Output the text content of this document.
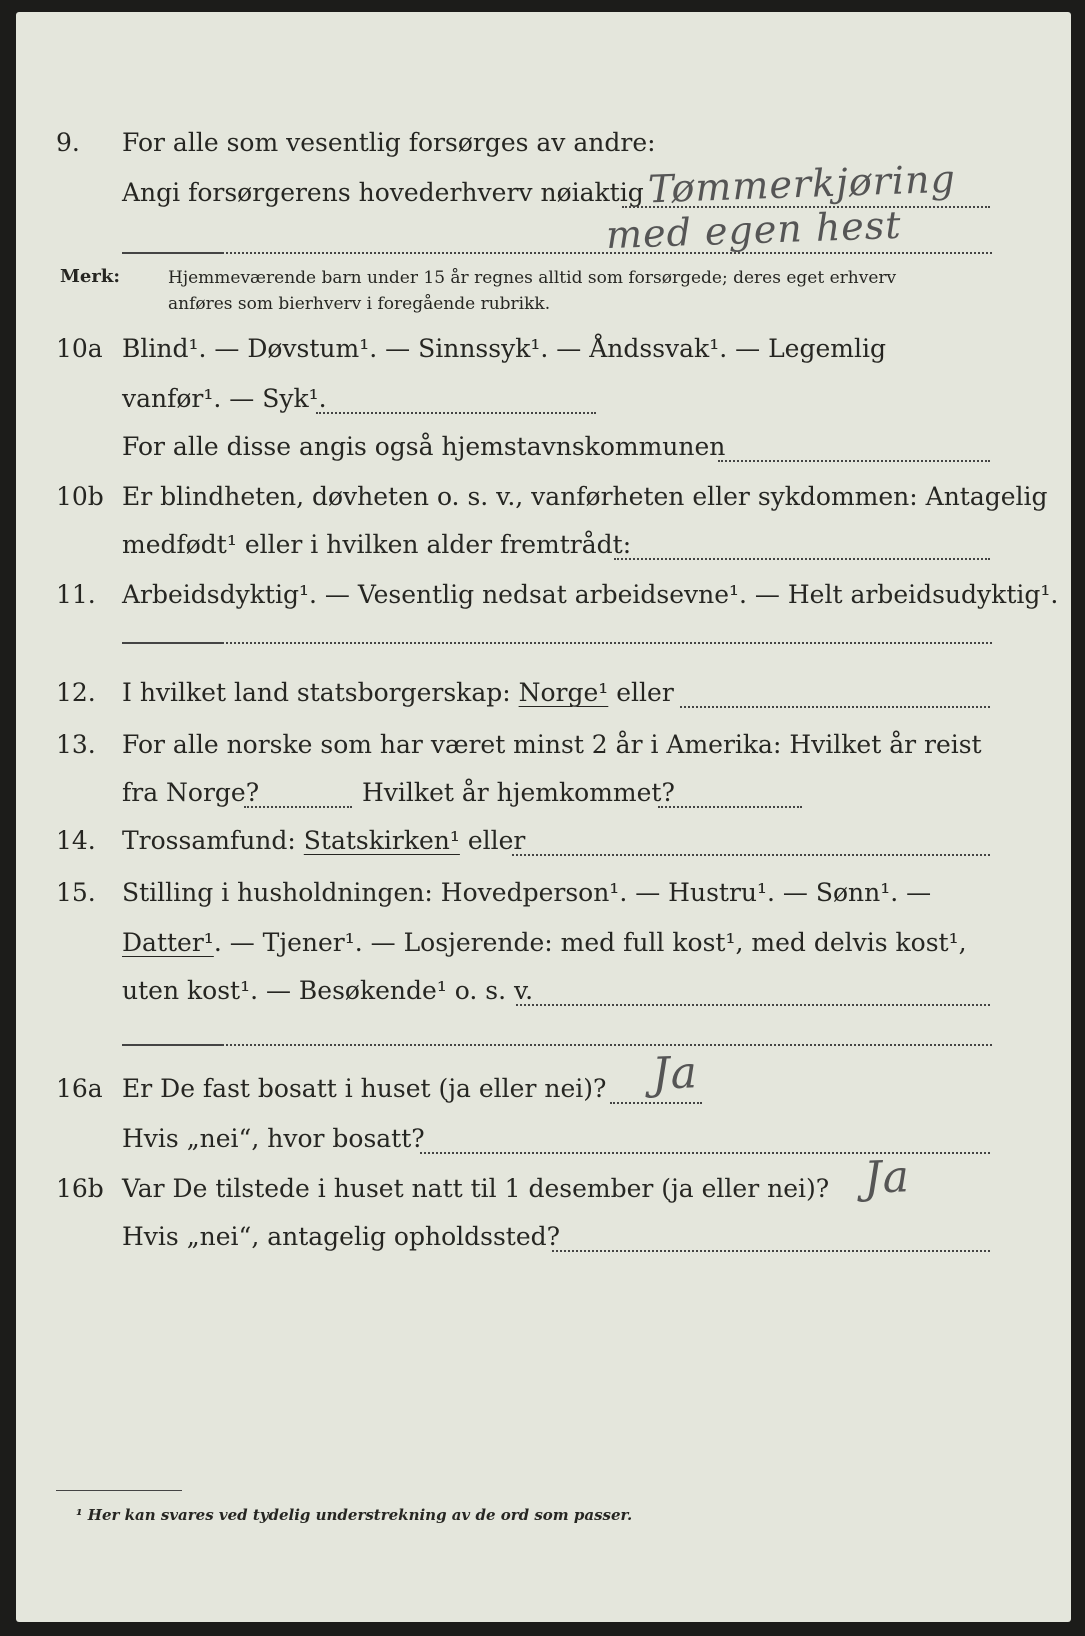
9. For alle som vesentlig forsørges av andre:
Angi forsørgerens hovederhverv nøiaktig Tømmerkjøring
med egen hest
Merk:	Hjemmeværende barn under 15 år regnes alltid som forsørgede; deres eget erhverv
anføres som bierhverv i foregående rubrikk.
10a Blind¹. — Døvstum¹. — Sinnssyk¹. — Åndssvak¹. — Legemlig
vanfør¹. — Syk¹.
For alle disse angis også hjemstavnskommunen
10b Er blindheten, døvheten o. s. v., vanførheten eller sykdommen: Antagelig
medfødt¹ eller i hvilken alder fremtrådt:
11. Arbeidsdyktig¹. — Vesentlig nedsat arbeidsevne¹. — Helt arbeidsudyktig¹.
12. I hvilket land statsborgerskap: Norge¹ eller
13. For alle norske som har været minst 2 år i Amerika: Hvilket år reist
fra Norge?	Hvilket år hjemkommet?
14. Trossamfund: Statskirken¹ eller
15. Stilling i husholdningen: Hovedperson¹. — Hustru¹. — Sønn¹. —
Datter¹. — Tjener¹. — Losjerende: med full kost¹, med delvis kost¹,
uten kost¹. — Besøkende¹ o. s. v.
16a Er De fast bosatt i huset (ja eller nei)? Ja
Hvis „nei“, hvor bosatt?
16b Var De tilstede i huset natt til 1 desember (ja eller nei)? Ja
Hvis „nei“, antagelig opholdssted?
¹ Her kan svares ved tydelig understrekning av de ord som passer.
